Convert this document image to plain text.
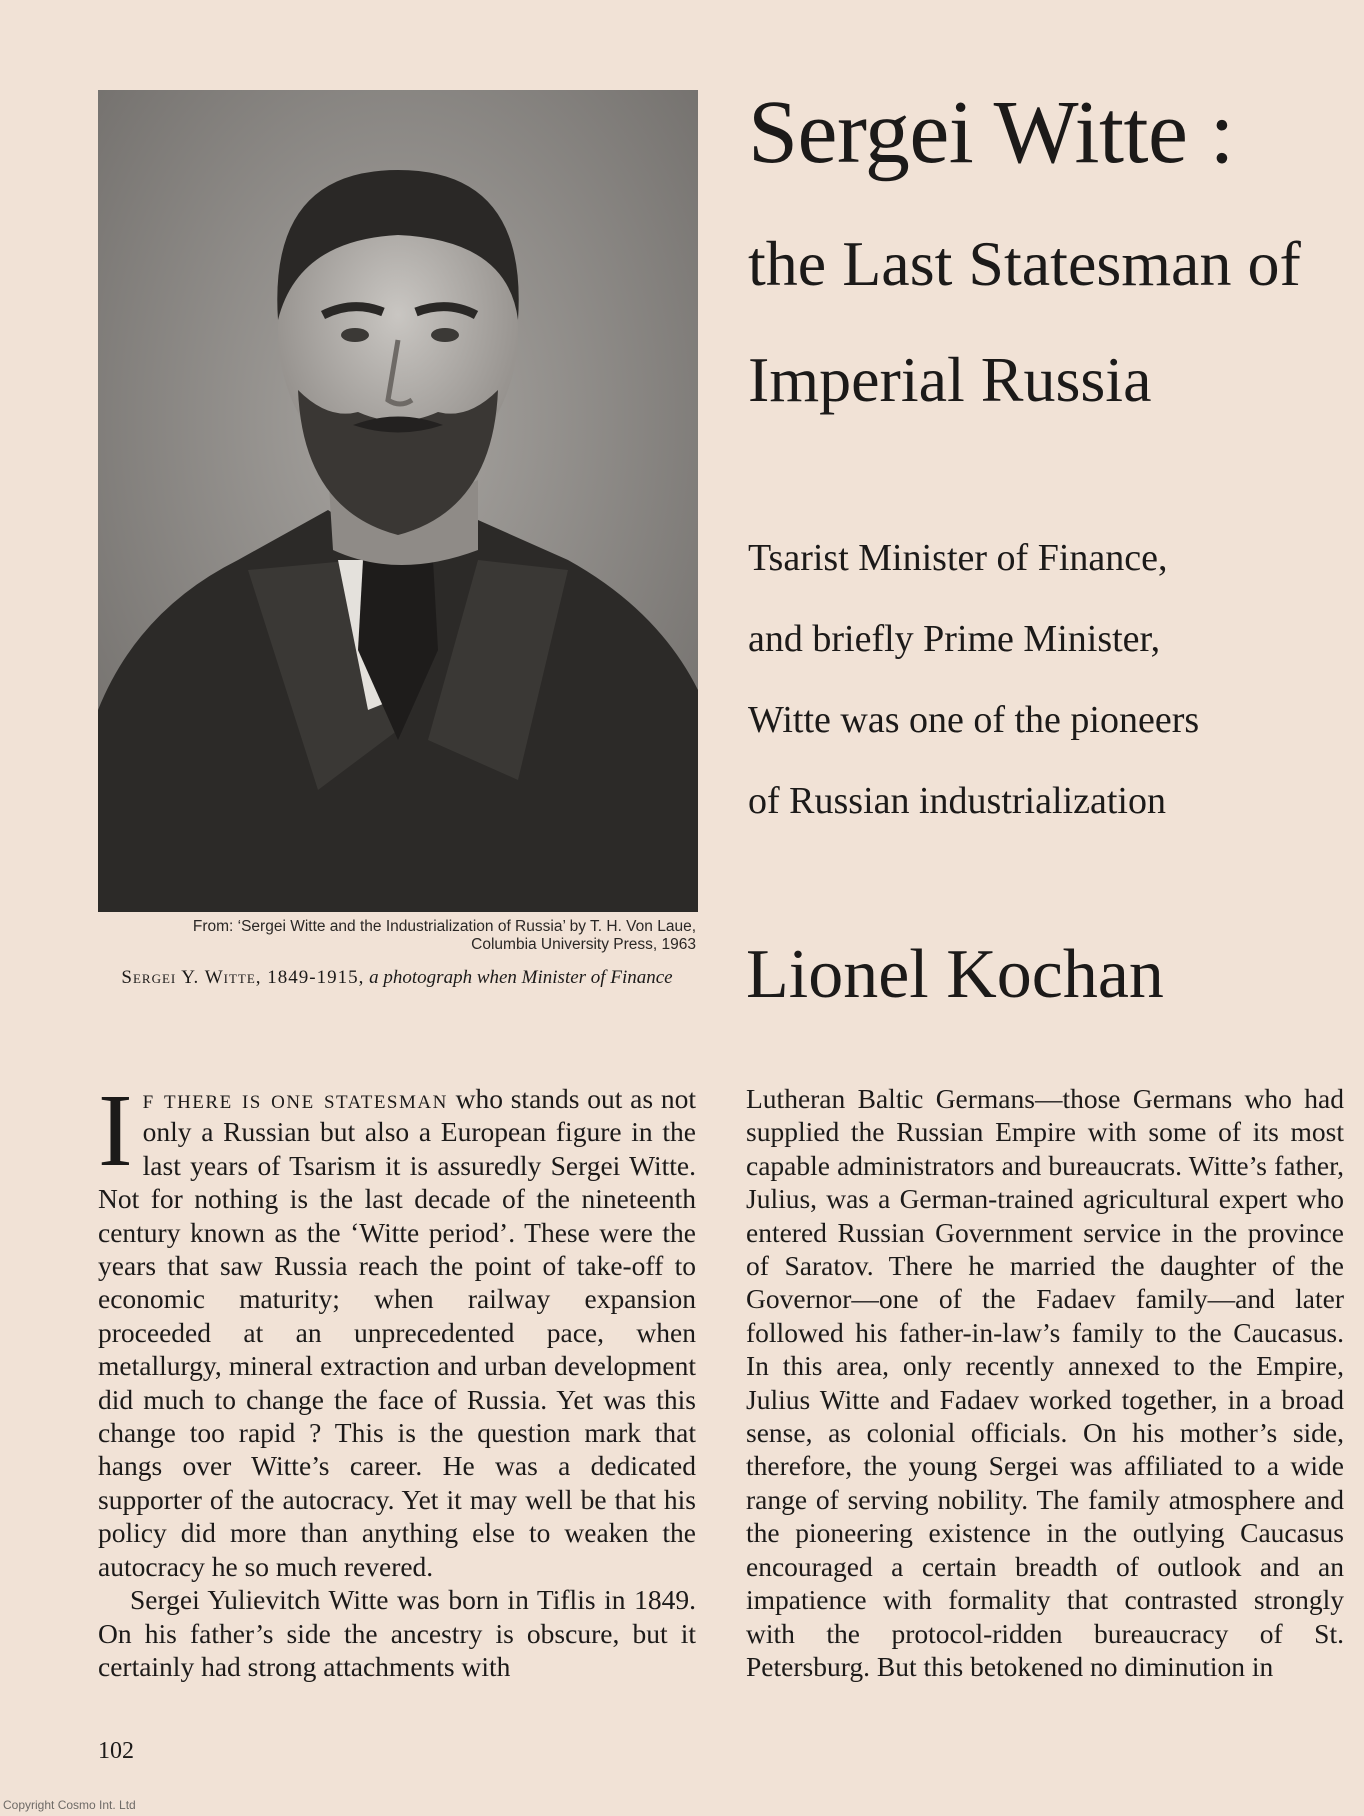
From: ‘Sergei Witte and the Industrialization of Russia’ by T. H. Von Laue,
Columbia University Press, 1963
Sergei Y. Witte, 1849-1915, a photograph when Minister of Finance
Sergei Witte :
the Last Statesman of
Imperial Russia
Tsarist Minister of Finance,
and briefly Prime Minister,
Witte was one of the pioneers
of Russian industrialization
Lionel Kochan

If there is one statesman who stands out as not only a Russian but also a European figure in the last years of Tsarism it is assuredly Sergei Witte. Not for nothing is the last decade of the nineteenth century known as the ‘Witte period’. These were the years that saw Russia reach the point of take-off to economic maturity; when railway expansion proceeded at an unprecedented pace, when metallurgy, mineral extraction and urban development did much to change the face of Russia. Yet was this change too rapid ? This is the question mark that hangs over Witte’s career. He was a dedicated supporter of the autocracy. Yet it may well be that his policy did more than anything else to weaken the autocracy he so much revered.

Sergei Yulievitch Witte was born in Tiflis in 1849. On his father’s side the ancestry is obscure, but it certainly had strong attachments with

Lutheran Baltic Germans—those Germans who had supplied the Russian Empire with some of its most capable administrators and bureaucrats. Witte’s father, Julius, was a German-trained agricultural expert who entered Russian Government service in the province of Saratov. There he married the daughter of the Governor—one of the Fadaev family—and later followed his father-in-law’s family to the Caucasus. In this area, only recently annexed to the Empire, Julius Witte and Fadaev worked together, in a broad sense, as colonial officials. On his mother’s side, therefore, the young Sergei was affiliated to a wide range of serving nobility. The family atmosphere and the pioneering existence in the outlying Caucasus encouraged a certain breadth of outlook and an impatience with formality that contrasted strongly with the protocol-ridden bureaucracy of St. Petersburg. But this betokened no diminution in

102
Copyright Cosmo Int. Ltd
